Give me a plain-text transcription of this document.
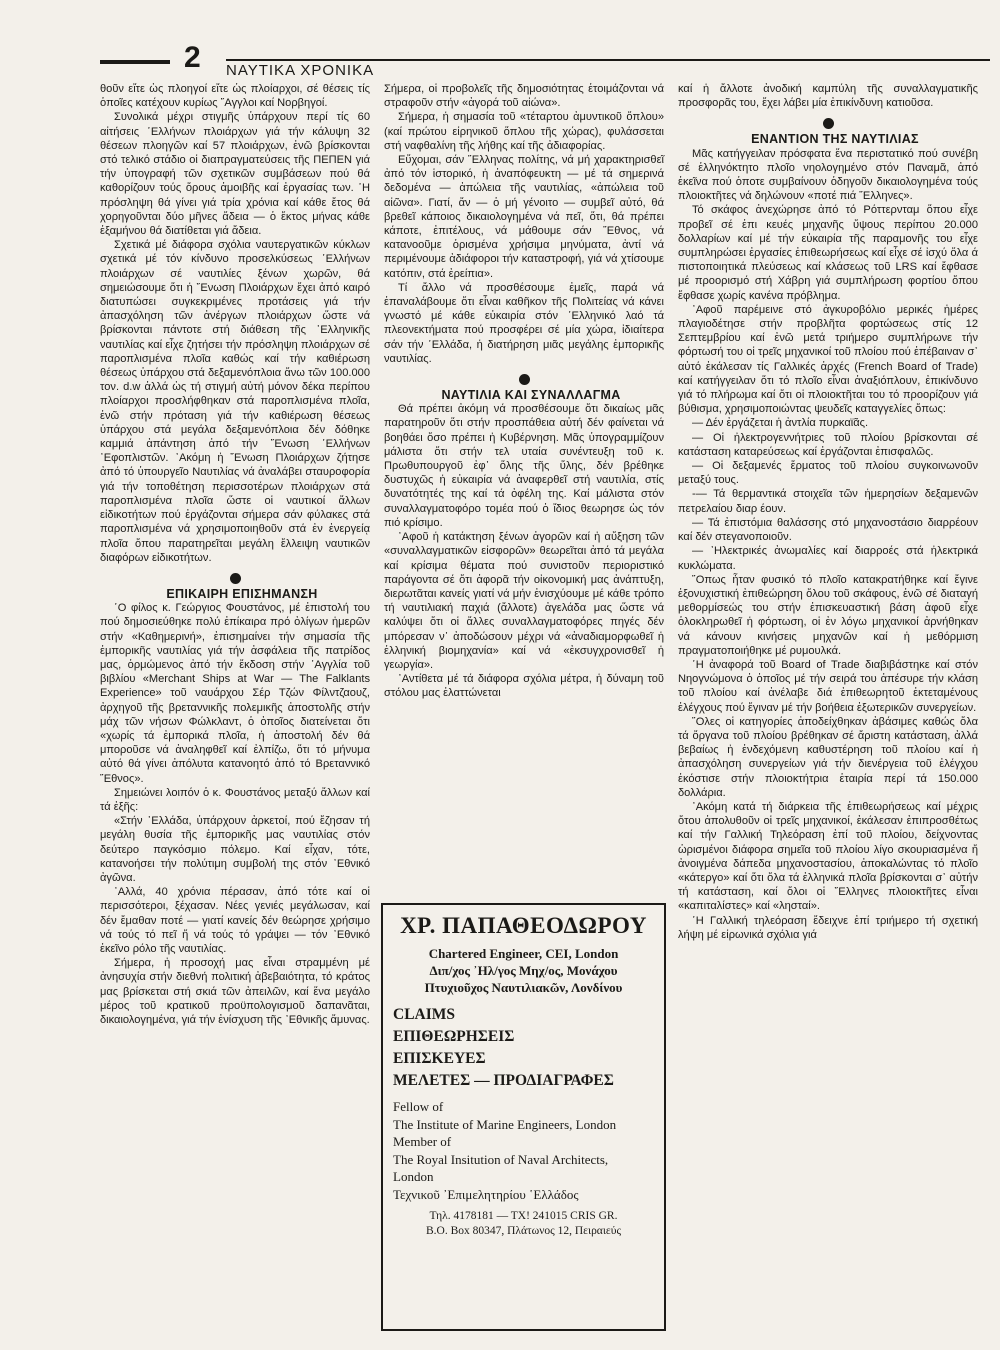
2 ΝΑΥΤΙΚΑ ΧΡΟΝΙΚΑ

θοῦν εἴτε ὡς πλοηγοί εἴτε ὡς πλοίαρχοι, σέ θέσεις τίς ὁποῖες κατέχουν κυρίως ῞Αγγλοι καί Νορβηγοί.

Συνολικά μέχρι στιγμῆς ὑπάρχουν περί τίς 60 αἰτήσεις ῾Ελλήνων πλοιάρχων γιά τήν κάλυψη 32 θέσεων πλοηγῶν καί 57 πλοιάρχων, ἐνῶ βρίσκονται στό τελικό στάδιο οἱ διαπραγματεύσεις τῆς ΠΕΠΕΝ γιά τήν ὑπογραφή τῶν σχετικῶν συμβάσεων πού θά καθορίζουν τούς ὅρους ἀμοιβῆς καί ἐργασίας των. ῾Η πρόσληψη θά γίνει γιά τρία χρόνια καί κάθε ἔτος θά χορηγοῦνται δύο μῆνες ἄδεια — ὁ ἔκτος μήνας κάθε ἑξαμήνου θά διατίθεται γιά ἄδεια.

Σχετικά μέ διάφορα σχόλια ναυτεργατικῶν κύκλων σχετικά μέ τόν κίνδυνο προσελκύσεως ῾Ελλήνων πλοιάρχων σέ ναυτιλίες ξένων χωρῶν, θά σημειώσουμε ὅτι ἡ ῞Ενωση Πλοιάρχων ἔχει ἀπό καιρό διατυπώσει συγκεκριμένες προτάσεις γιά τήν ἀπασχόληση τῶν ἀνέργων πλοιάρχων ὥστε νά βρίσκονται πάντοτε στή διάθεση τῆς ῾Ελληνικῆς ναυτιλίας καί εἶχε ζητήσει τήν πρόσληψη πλοιάρχων σέ παροπλισμένα πλοῖα καθώς καί τήν καθιέρωση θέσεως ὑπάρχου στά δεξαμενόπλοια ἄνω τῶν 100.000 τον. d.w ἀλλά ὡς τή στιγμή αὐτή μόνον δέκα περίπου πλοίαρχοι προσλήφθηκαν στά παροπλισμένα πλοῖα, ἐνῶ στήν πρόταση γιά τήν καθιέρωση θέσεως ὑπάρχου στά μεγάλα δεξαμενόπλοια δέν δόθηκε καμμιά ἀπάντηση ἀπό τήν ῞Ενωση ῾Ελλήνων ᾿Εφοπλιστῶν. ᾿Ακόμη ἡ ῞Ενωση Πλοιάρχων ζήτησε ἀπό τό ὑπουργεῖο Ναυτιλίας νά ἀναλάβει σταυροφορία γιά τήν τοποθέτηση περισσοτέρων πλοιάρχων στά παροπλισμένα πλοῖα ὥστε οἱ ναυτικοί ἄλλων εἰδικοτήτων πού ἐργάζονται σήμερα σάν φύλακες στά παροπλισμένα νά χρησιμοποιηθοῦν στά ἐν ἐνεργείᾳ πλοῖα ὅπου παρατηρεῖται μεγάλη ἔλλειψη ναυτικῶν διαφόρων εἰδικοτήτων.

ΕΠΙΚΑΙΡΗ ΕΠΙΣΗΜΑΝΣΗ

῾Ο φίλος κ. Γεώργιος Φουστάνος, μέ ἐπιστολή του πού δημοσιεύθηκε πολύ ἐπίκαιρα πρό ὀλίγων ἡμερῶν στήν «Καθημερινή», ἐπισημαίνει τήν σημασία τῆς ἐμπορικῆς ναυτιλίας γιά τήν ἀσφάλεια τῆς πατρίδος μας, ὁρμώμενος ἀπό τήν ἔκδοση στήν ᾿Αγγλία τοῦ βιβλίου «Merchant Ships at War — The Falklants Experience» τοῦ ναυάρχου Σέρ Τζών Φίλντζαουζ, ἀρχηγοῦ τῆς βρεταννικῆς πολεμικῆς ἀποστολῆς στήν μάχ τῶν νήσων Φώλκλαντ, ὁ ὁποῖος διατείνεται ὅτι «χωρίς τά ἐμπορικά πλοῖα, ἡ ἀποστολή δέν θά μποροῦσε νά ἀναληφθεῖ καί ἐλπίζω, ὅτι τό μήνυμα αὐτό θά γίνει ἀπόλυτα κατανοητό ἀπό τό Βρεταννικό ῎Εθνος».

Σημειώνει λοιπόν ὁ κ. Φουστάνος μεταξύ ἄλλων καί τά ἑξῆς:

«Στήν ῾Ελλάδα, ὑπάρχουν ἀρκετοί, πού ἔζησαν τή μεγάλη θυσία τῆς ἐμπορικῆς μας ναυτιλίας στόν δεύτερο παγκόσμιο πόλεμο. Καί εἶχαν, τότε, κατανοήσει τήν πολύτιμη συμβολή της στόν ᾿Εθνικό ἀγῶνα.

᾿Αλλά, 40 χρόνια πέρασαν, ἀπό τότε καί οἱ περισσότεροι, ξέχασαν. Νέες γενιές μεγάλωσαν, καί δέν ἔμαθαν ποτέ — γιατί κανείς δέν θεώρησε χρήσιμο νά τούς τό πεῖ ἤ νά τούς τό γράψει — τόν ᾿Εθνικό ἐκεῖνο ρόλο τῆς ναυτιλίας.

Σήμερα, ἡ προσοχή μας εἶναι στραμμένη μέ ἀνησυχία στήν διεθνή πολιτική ἀβεβαιότητα, τό κράτος μας βρίσκεται στή σκιά τῶν ἀπειλῶν, καί ἕνα μεγάλο μέρος τοῦ κρατικοῦ προϋπολογισμοῦ δαπανᾶται, δικαιολογημένα, γιά τήν ἐνίσχυση τῆς ᾿Εθνικῆς ἄμυνας.

Σήμερα, οἱ προβολεῖς τῆς δημοσιότητας ἑτοιμάζονται νά στραφοῦν στήν «ἀγορά τοῦ αἰώνα».

Σήμερα, ἡ σημασία τοῦ «τέταρτου ἀμυντικοῦ ὅπλου» (καί πρώτου εἰρηνικοῦ ὅπλου τῆς χώρας), φυλάσσεται στή ναφθαλίνη τῆς λήθης καί τῆς ἀδιαφορίας.

Εὔχομαι, σάν ῞Ελληνας πολίτης, νά μή χαρακτηρισθεῖ ἀπό τόν ἱστορικό, ἡ ἀναπόφευκτη — μέ τά σημερινά δεδομένα — ἀπώλεια τῆς ναυτιλίας, «ἀπώλεια τοῦ αἰῶνα». Γιατί, ἄν — ὁ μή γένοιτο — συμβεῖ αὐτό, θά βρεθεῖ κάποιος δικαιολογημένα νά πεῖ, ὅτι, θά πρέπει κάποτε, ἐπιτέλους, νά μάθουμε σάν ῎Εθνος, νά κατανοοῦμε ὁρισμένα χρήσιμα μηνύματα, ἀντί νά περιμένουμε ἀδιάφοροι τήν καταστροφή, γιά νά χτίσουμε κατόπιν, στά ἐρείπια».

Τί ἄλλο νά προσθέσουμε ἐμεῖς, παρά νά ἐπαναλάβουμε ὅτι εἶναι καθῆκον τῆς Πολιτείας νά κάνει γνωστό μέ κάθε εὐκαιρία στόν ῾Ελληνικό λαό τά πλεονεκτήματα πού προσφέρει σέ μία χώρα, ἰδιαίτερα σάν τήν ῾Ελλάδα, ἡ διατήρηση μιᾶς μεγάλης ἐμπορικῆς ναυτιλίας.

ΝΑΥΤΙΛΙΑ ΚΑΙ ΣΥΝΑΛΛΑΓΜΑ

Θά πρέπει ἀκόμη νά προσθέσουμε ὅτι δικαίως μᾶς παρατηροῦν ὅτι στήν προσπάθεια αὐτή δέν φαίνεται νά βοηθάει ὅσο πρέπει ἡ Κυβέρνηση. Μᾶς ὑπογραμμίζουν μάλιστα ὅτι στήν τελ υταία συνέντευξη τοῦ κ. Πρωθυπουργοῦ ἐφ᾿ ὅλης τῆς ὕλης, δέν βρέθηκε δυστυχῶς ἡ εὐκαιρία νά ἀναφερθεῖ στή ναυτιλία, στίς δυνατότητές της καί τά ὀφέλη της. Καί μάλιστα στόν συναλλαγματοφόρο τομέα πού ὁ ἴδιος θεωρησε ὡς τόν πιό κρίσιμο.

᾿Αφοῦ ἡ κατάκτηση ξένων ἀγορῶν καί ἡ αὔξηση τῶν «συναλλαγματικῶν εἰσφορῶν» θεωρεῖται ἀπό τά μεγάλα καί κρίσιμα θέματα πού συνιστοῦν περιοριστικό παράγοντα σέ ὅτι ἀφορᾶ τήν οἰκονομική μας ἀνάπτυξη, διερωτᾶται κανείς γιατί νά μήν ἐνισχύουμε μέ κάθε τρόπο τή ναυτιλιακή παχιά (ἄλλοτε) ἀγελάδα μας ὥστε νά καλύψει ὅτι οἱ ἄλλες συναλλαγματοφόρες πηγές δέν μπόρεσαν ν᾿ ἀποδώσουν μέχρι νά «ἀναδιαμορφωθεῖ ἡ ἑλληνική βιομηχανία» καί νά «ἐκσυγχρονισθεῖ ἡ γεωργία».

᾿Αντίθετα μέ τά διάφορα σχόλια μέτρα, ἡ δύναμη τοῦ στόλου μας ἐλαττώνεται

ΧΡ. ΠΑΠΑΘΕΟΔΩΡΟΥ
Chartered Engineer, CEI, London
Διπ/χος ᾿Ηλ/γος Μηχ/ος, Μονάχου
Πτυχιοῦχος Ναυτιλιακῶν, Λονδίνου
CLAIMS
ΕΠΙΘΕΩΡΗΣΕΙΣ
ΕΠΙΣΚΕΥΕΣ
ΜΕΛΕΤΕΣ — ΠΡΟΔΙΑΓΡΑΦΕΣ
Fellow of
The Institute of Marine Engineers, London
Member of
The Royal Insitution of Naval Architects,
London
Τεχνικοῦ ᾿Επιμελητηρίου ῾Ελλάδος
Τηλ. 4178181 — ΤΧ! 241015 CRIS GR.
B.O. Box 80347, Πλάτωνος 12, Πειραιεύς

καί ἡ ἄλλοτε ἀνοδική καμπύλη τῆς συναλλαγματικῆς προσφορᾶς του, ἔχει λάβει μία ἐπικίνδυνη κατιοῦσα.

ΕΝΑΝΤΙΟΝ ΤΗΣ ΝΑΥΤΙΛΙΑΣ

Μᾶς κατήγγειλαν πρόσφατα ἕνα περιστατικό πού συνέβη σέ ἑλληνόκτητο πλοῖο νηολογημένο στόν Παναμᾶ, ἀπό ἐκεῖνα πού ὁποτε συμβαίνουν ὁδηγοῦν δικαιολογημένα τούς πλοιοκτῆτες νά δηλώνουν «ποτέ πιά ῞Ελληνες».

Τό σκάφος ἀνεχώρησε ἀπό τό Ρόττερνταμ ὅπου εἶχε προβεῖ σέ ἐπι κευές μηχανῆς ὕψους περίπου 20.000 δολλαρίων καί μέ τήν εὐκαιρία τῆς παραμονῆς του εἶχε συμπληρώσει ἐργασίες ἐπιθεωρήσεως καί εἶχε σέ ἰσχύ ὅλα ά πιστοποιητικά πλεύσεως καί κλάσεως τοῦ LRS καί ἔφθασε μέ προορισμό στή Χάβρη γιά συμπλήρωση φορτίου ὅπου ἔφθασε χωρίς κανένα πρόβλημα.

᾿Αφοῦ παρέμεινε στό ἀγκυροβόλιο μερικές ἡμέρες πλαγιοδέτησε στήν προβλῆτα φορτώσεως στίς 12 Σεπτεμβρίου καί ἐνῶ μετά τριήμερο συμπλήρωνε τήν φόρτωσή του οἱ τρεῖς μηχανικοί τοῦ πλοίου πού ἐπέβαιναν σ᾿ αὐτό ἐκάλεσαν τίς Γαλλικές ἀρχές (French Board of Trade) καί κατήγγειλαν ὅτι τό πλοῖο εἶναι ἀναξιόπλουν, ἐπικίνδυνο γιά τό πλήρωμα καί ὅτι οἱ πλοιοκτῆται του τό προορίζουν γιά βύθισμα, χρησιμοποιώντας ψευδεῖς καταγγελίες ὅπως:

— Δέν ἐργάζεται ἡ ἀντλία πυρκαϊᾶς.

— Οἱ ἠλεκτρογεννήτριες τοῦ πλοίου βρίσκονται σέ κατάσταση καταρεύσεως καί ἐργάζονται ἐπισφαλῶς.

— Οἱ δεξαμενές ἕρματος τοῦ πλοίου συγκοινωνοῦν μεταξύ τους.

-— Τά θερμαντικά στοιχεῖα τῶν ἡμερησίων δεξαμενῶν πετρελαίου διαρ έουν.

— Τά ἐπιστόμια θαλάσσης στό μηχανοστάσιο διαρρέουν καί δέν στεγανοποιοῦν.

— ᾿Ηλεκτρικές ἀνωμαλίες καί διαρροές στά ἠλεκτρικά κυκλώματα.

῞Οπως ἦταν φυσικό τό πλοῖο κατακρατήθηκε καί ἔγινε ἐξονυχιστική ἐπιθεώρηση ὅλου τοῦ σκάφους, ἐνῶ σέ διαταγή μεθορμίσεώς του στήν ἐπισκευαστική βάση ἀφοῦ εἶχε ὁλοκληρωθεῖ ἡ φόρτωση, οἱ ἐν λόγω μηχανικοί ἀρνήθηκαν νά κάνουν κινήσεις μηχανῶν καί ἡ μεθόρμιση πραγματοποιήθηκε μέ ρυμουλκά.

῾Η ἀναφορά τοῦ Board of Trade διαβιβάστηκε καί στόν Νηογνώμονα ὁ ὁποῖος μέ τήν σειρά του ἀπέσυρε τήν κλάση τοῦ πλοίου καί ἀνέλαβε διά ἐπιθεωρητοῦ ἐκτεταμένους ἐλέγχους πού ἔγιναν μέ τήν βοήθεια ἐξωτερικῶν συνεργείων.

῞Ολες οἱ κατηγορίες ἀποδείχθηκαν ἀβάσιμες καθώς ὅλα τά ὄργανα τοῦ πλοίου βρέθηκαν σέ ἄριστη κατάσταση, ἀλλά βεβαίως ἡ ἐνδεχόμενη καθυστέρηση τοῦ πλοίου καί ἡ ἀπασχόληση συνεργείων γιά τήν διενέργεια τοῦ ἐλέγχου ἐκόστισε στήν πλοιοκτήτρια ἑταιρία περί τά 150.000 δολλάρια.

᾿Ακόμη κατά τή διάρκεια τῆς ἐπιθεωρήσεως καί μέχρις ὅτου ἀπολυθοῦν οἱ τρεῖς μηχανικοί, ἐκάλεσαν ἐπιπροσθέτως καί τήν Γαλλική Τηλεόραση ἐπί τοῦ πλοίου, δείχνοντας ὡρισμένοι διάφορα σημεῖα τοῦ πλοίου λίγο σκουριασμένα ἤ ἀνοιγμένα δάπεδα μηχανοστασίου, ἀποκαλώντας τό πλοῖο «κάτεργο» καί ὅτι ὅλα τά ἑλληνικά πλοῖα βρίσκονται σ᾿ αὐτήν τή κατάσταση, καί ὅλοι οἱ ῞Ελληνες πλοιοκτῆτες εἶναι «καπιταλίστες» καί «λησταί».

῾Η Γαλλική τηλεόραση ἔδειχνε ἐπί τριήμερο τή σχετική λήψη μέ εἰρωνικά σχόλια γιά
